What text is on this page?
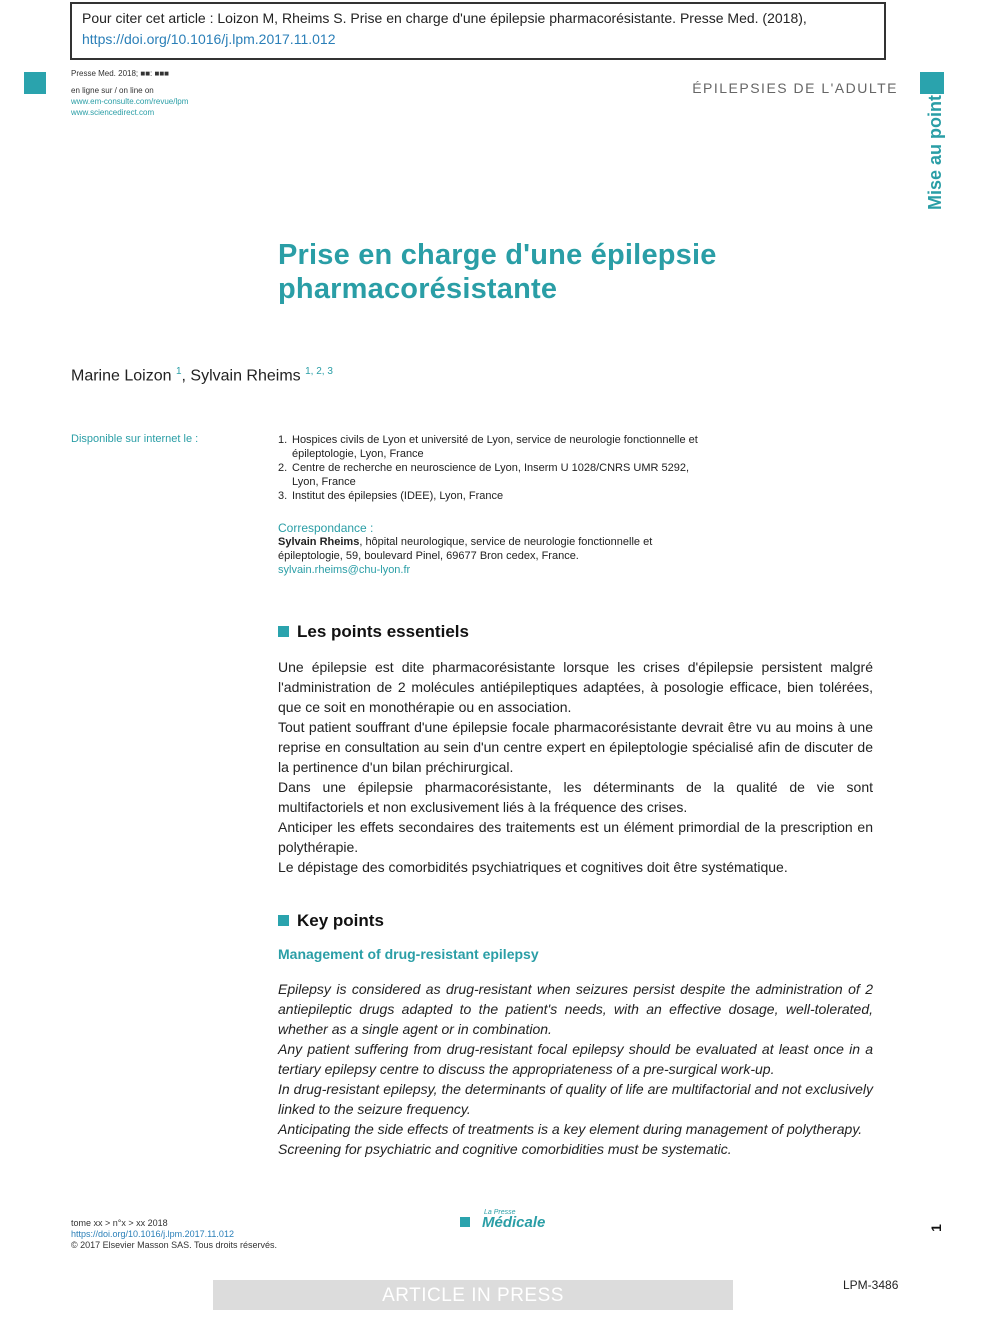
Pour citer cet article : Loizon M, Rheims S. Prise en charge d'une épilepsie pharmacorésistante. Presse Med. (2018), https://doi.org/10.1016/j.lpm.2017.11.012
Presse Med. 2018; ■■: ■■■
en ligne sur / on line on
www.em-consulte.com/revue/lpm
www.sciencedirect.com
ÉPILEPSIES DE L'ADULTE
Mise au point
Prise en charge d'une épilepsie pharmacorésistante
Marine Loizon $^1$, Sylvain Rheims $^{1, 2, 3}$
Disponible sur internet le :	1. Hospices civils de Lyon et université de Lyon, service de neurologie fonctionnelle et épileptologie, Lyon, France
2. Centre de recherche en neuroscience de Lyon, Inserm U 1028/CNRS UMR 5292, Lyon, France
3. Institut des épilepsies (IDEE), Lyon, France
Correspondance :
Sylvain Rheims, hôpital neurologique, service de neurologie fonctionnelle et épileptologie, 59, boulevard Pinel, 69677 Bron cedex, France.
sylvain.rheims@chu-lyon.fr
Les points essentiels

Une épilepsie est dite pharmacorésistante lorsque les crises d'épilepsie persistent malgré l'administration de 2 molécules antiépileptiques adaptées, à posologie efficace, bien tolérées, que ce soit en monothérapie ou en association.

Tout patient souffrant d'une épilepsie focale pharmacorésistante devrait être vu au moins à une reprise en consultation au sein d'un centre expert en épileptologie spécialisé afin de discuter de la pertinence d'un bilan préchirurgical.

Dans une épilepsie pharmacorésistante, les déterminants de la qualité de vie sont multifactoriels et non exclusivement liés à la fréquence des crises.

Anticiper les effets secondaires des traitements est un élément primordial de la prescription en polythérapie.

Le dépistage des comorbidités psychiatriques et cognitives doit être systématique.

Key points
Management of drug-resistant epilepsy

Epilepsy is considered as drug-resistant when seizures persist despite the administration of 2 antiepileptic drugs adapted to the patient's needs, with an effective dosage, well-tolerated, whether as a single agent or in combination.

Any patient suffering from drug-resistant focal epilepsy should be evaluated at least once in a tertiary epilepsy centre to discuss the appropriateness of a pre-surgical work-up.

In drug-resistant epilepsy, the determinants of quality of life are multifactorial and not exclusively linked to the seizure frequency.

Anticipating the side effects of treatments is a key element during management of polytherapy.

Screening for psychiatric and cognitive comorbidities must be systematic.

tome xx > n°x > xx 2018
https://doi.org/10.1016/j.lpm.2017.11.012
© 2017 Elsevier Masson SAS. Tous droits réservés.
La Presse
Médicale	1
ARTICLE IN PRESS	LPM-3486
